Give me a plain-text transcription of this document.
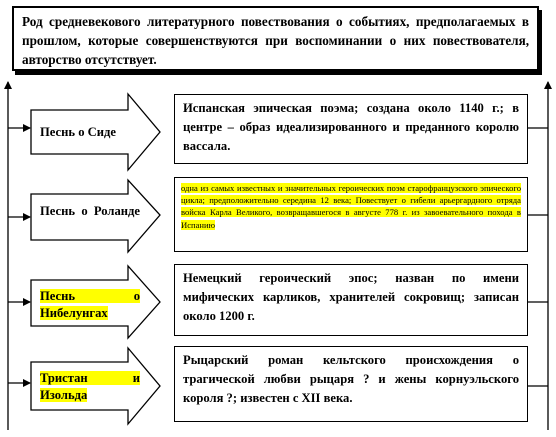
Род средневекового литературного повествования о событиях, предполагаемых в прошлом, которые совершенствуются при воспоминании о них повествователя, авторство отсутствует.
Песнь о Сиде
Песнь о Роланде
Песнь о Нибелунгах
Тристан и Изольда
Испанская эпическая поэма; создана около 1140 г.; в центре – образ идеализированного и преданного королю вассала.
одна из самых известных и значительных героических поэм старофранцузского эпического цикла; предположительно середина 12 века; Повествует о гибели арьергардного отряда войска Карла Великого, возвращавшегося в августе 778 г. из завоевательного похода в Испанию
Немецкий героический эпос; назван по имени мифических карликов, хранителей сокровищ; записан около 1200 г.
Рыцарский роман кельтского происхождения о трагической любви рыцаря ? и жены корнуэльского короля ?; известен с XII века.
